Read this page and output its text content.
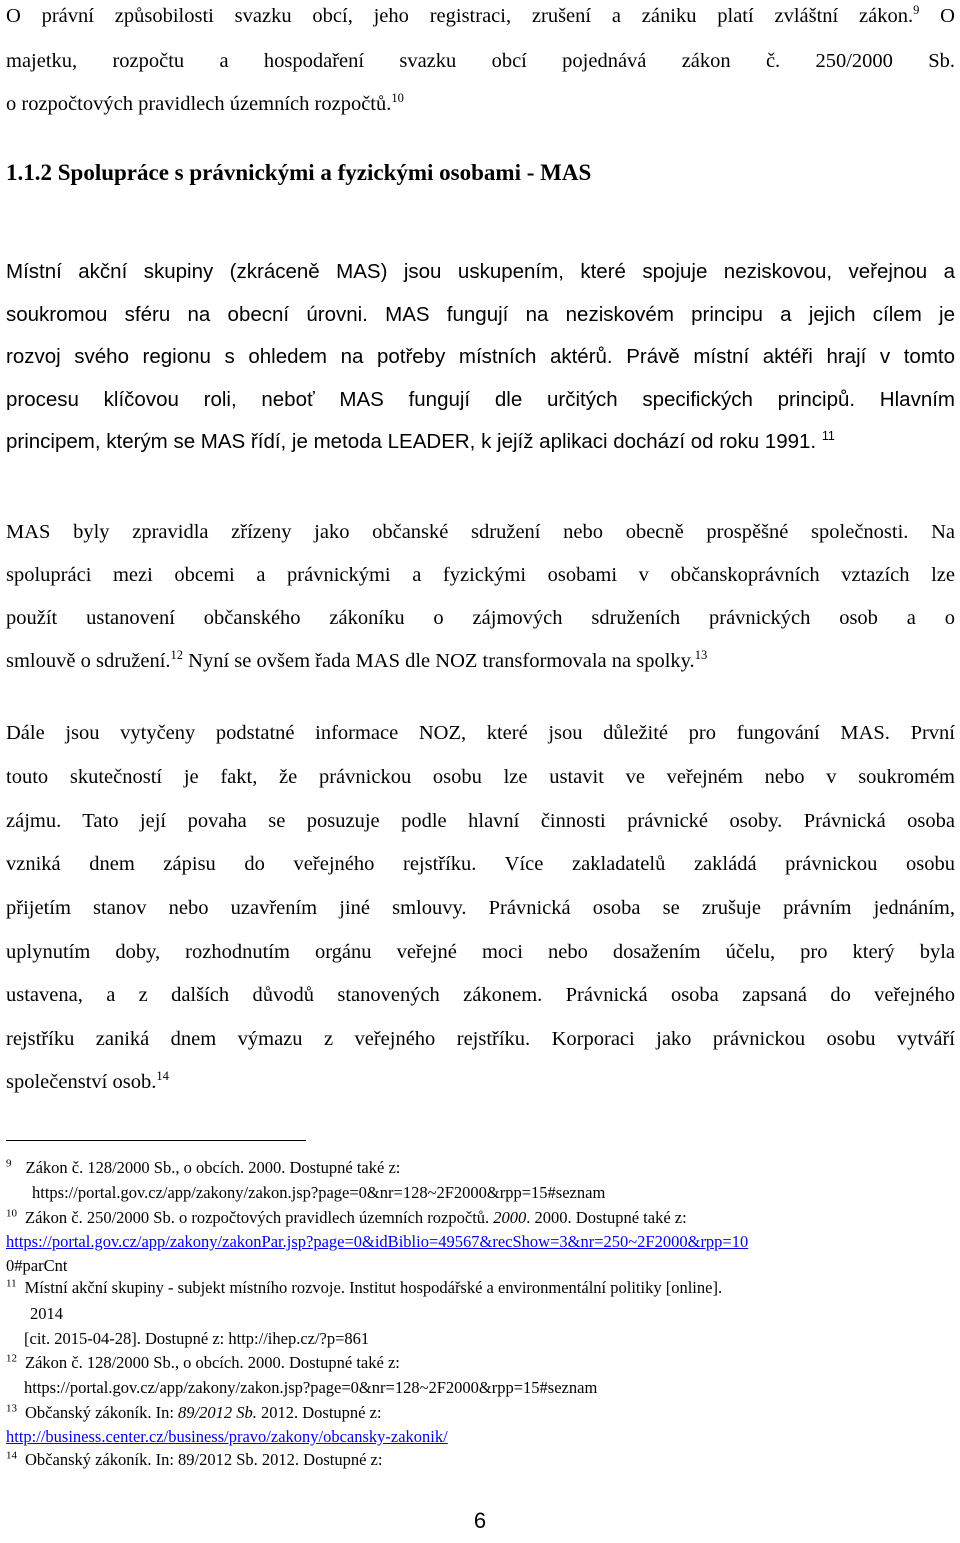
O právní způsobilosti svazku obcí, jeho registraci, zrušení a zániku platí zvláštní zákon.$^9$ O
majetku, rozpočtu a hospodaření svazku obcí pojednává zákon č. 250/2000 Sb.
o rozpočtových pravidlech územních rozpočtů.$^{10}$
1.1.2 Spolupráce s právnickými a fyzickými osobami - MAS
Místní akční skupiny (zkráceně MAS) jsou uskupením, které spojuje neziskovou, veřejnou a
soukromou sféru na obecní úrovni. MAS fungují na neziskovém principu a jejich cílem je
rozvoj svého regionu s ohledem na potřeby místních aktérů. Právě místní aktéři hrají v tomto
procesu klíčovou roli, neboť MAS fungují dle určitých specifických principů. Hlavním
principem, kterým se MAS řídí, je metoda LEADER, k jejíž aplikaci dochází od roku 1991. $^{11}$
MAS byly zpravidla zřízeny jako občanské sdružení nebo obecně prospěšné společnosti. Na
spolupráci mezi obcemi a právnickými a fyzickými osobami v občanskoprávních vztazích lze
použít ustanovení občanského zákoníku o zájmových sdruženích právnických osob a o
smlouvě o sdružení.$^{12}$ Nyní se ovšem řada MAS dle NOZ transformovala na spolky.$^{13}$
Dále jsou vytyčeny podstatné informace NOZ, které jsou důležité pro fungování MAS. První
touto skutečností je fakt, že právnickou osobu lze ustavit ve veřejném nebo v soukromém
zájmu. Tato její povaha se posuzuje podle hlavní činnosti právnické osoby. Právnická osoba
vzniká dnem zápisu do veřejného rejstříku. Více zakladatelů zakládá právnickou osobu
přijetím stanov nebo uzavřením jiné smlouvy. Právnická osoba se zrušuje právním jednáním,
uplynutím doby, rozhodnutím orgánu veřejné moci nebo dosažením účelu, pro který byla
ustavena, a z dalších důvodů stanovených zákonem. Právnická osoba zapsaná do veřejného
rejstříku zaniká dnem výmazu z veřejného rejstříku. Korporaci jako právnickou osobu vytváří
společenství osob.$^{14}$
$^9$ Zákon č. 128/2000 Sb., o obcích. 2000. Dostupné také z:
https://portal.gov.cz/app/zakony/zakon.jsp?page=0&nr=128~2F2000&rpp=15#seznam
$^{10}$ Zákon č. 250/2000 Sb. o rozpočtových pravidlech územních rozpočtů. 2000. 2000. Dostupné také z:
https://portal.gov.cz/app/zakony/zakonPar.jsp?page=0&idBiblio=49567&recShow=3&nr=250~2F2000&rpp=10
0#parCnt
$^{11}$ Místní akční skupiny - subjekt místního rozvoje. Institut hospodářské a environmentální politiky [online].
2014
[cit. 2015-04-28]. Dostupné z: http://ihep.cz/?p=861
$^{12}$ Zákon č. 128/2000 Sb., o obcích. 2000. Dostupné také z:
https://portal.gov.cz/app/zakony/zakon.jsp?page=0&nr=128~2F2000&rpp=15#seznam
$^{13}$ Občanský zákoník. In: 89/2012 Sb. 2012. Dostupné z:
http://business.center.cz/business/pravo/zakony/obcansky-zakonik/
$^{14}$ Občanský zákoník. In: 89/2012 Sb. 2012. Dostupné z:
6
